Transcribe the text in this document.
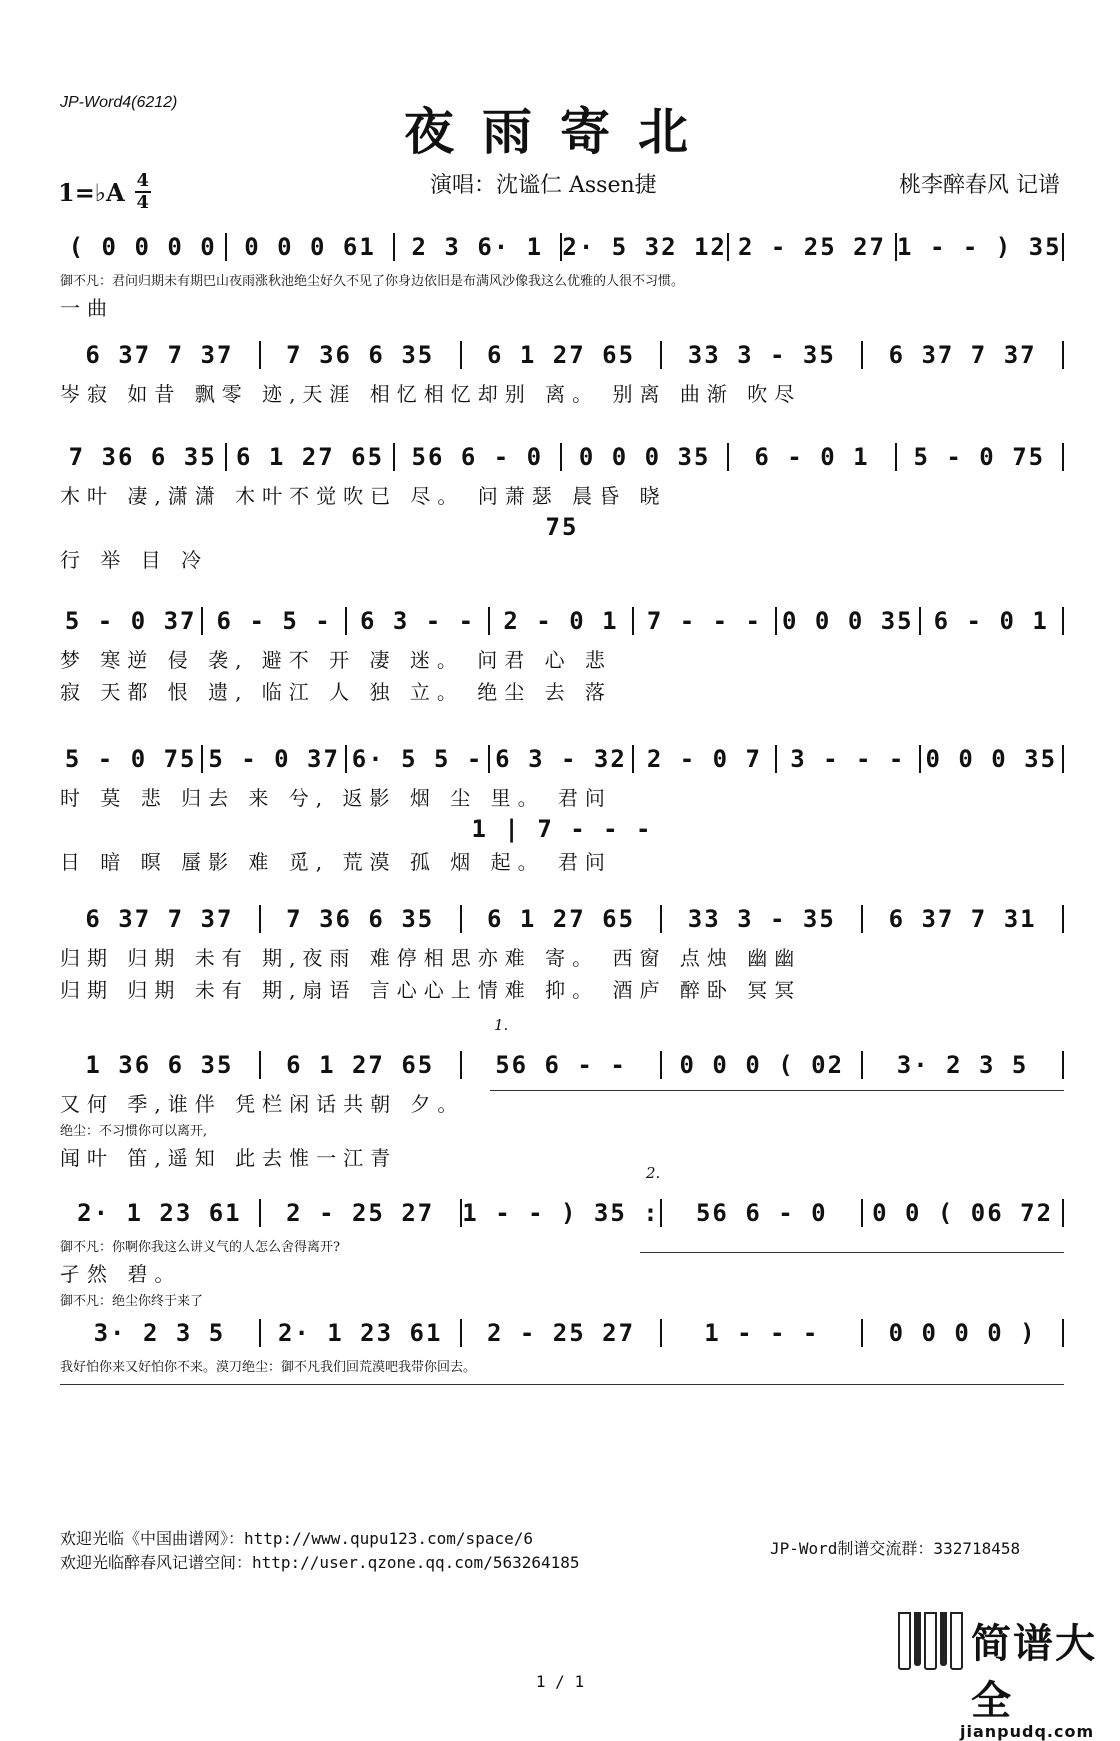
JP-Word4(6212)	夜雨寄北
1=♭A 4
4
演唱：沈谧仁 Assen捷	桃李醉春风 记谱
( 0 0 0 0	0 0 0 61	2 3 6· 1 2· 5 32 12 2 - 25 27 1 - - ) 35
御不凡：君问归期未有期巴山夜雨涨秋池绝尘好久不见了你身边依旧是布满风沙像我这么优雅的人很不习惯。
一曲
6 37 7 37	7 36 6 35	6 1 27 65	33 3 - 35	6 37 7 37
岑寂 如昔 飘零 迹,天涯 相忆相忆却别 离。 别离 曲渐 吹尽
7 36 6 35 6 1 27 65	56 6 - 0	0 0 0 35	6 - 0 1	5 - 0 75
木叶 凄,潇潇 木叶不觉吹已 尽。 问萧瑟 晨昏 晓
75
行 举 目 冷
5 - 0 37 6 - 5 -	6 3 - -	2 - 0 1	7 - - - 0 0 0 35 6 - 0 1
梦 寒逆 侵 袭, 避不 开 凄 迷。 问君 心 悲
寂 天都 恨 遗, 临江 人 独 立。 绝尘 去 落
5 - 0 75 5 - 0 37 6· 5 5 - 6 3 - 32 2 - 0 7	3 - - - 0 0 0 35
时 莫 悲 归去 来 兮, 返影 烟 尘 里。 君问
1 | 7 - - -
日 暗 暝 蜃影 难 觅, 荒漠 孤 烟 起。 君问
6 37 7 37	7 36 6 35	6 1 27 65	33 3 - 35	6 37 7 31
归期 归期 未有 期,夜雨 难停相思亦难 寄。 西窗 点烛 幽幽
归期 归期 未有 期,扇语 言心心上情难 抑。 酒庐 醉卧 冥冥
1 36 6 35	6 1 27 65	56 6 - -	0 0 0 ( 02	3· 2 3 5
1.
又何 季,谁伴 凭栏闲话共朝 夕。
绝尘：不习惯你可以离开,
闻叶 笛,遥知 此去惟一江青
2· 1 23 61	2 - 25 27	1 - - ) 35 :	56 6 - 0	0 0 ( 06 72
2.
御不凡：你啊你我这么讲义气的人怎么舍得离开?
孑然 碧。
御不凡：绝尘你终于来了
3· 2 3 5	2· 1 23 61	2 - 25 27	1 - - -	0 0 0 0 )
我好怕你来又好怕你不来。漠刀绝尘：御不凡我们回荒漠吧我带你回去。
欢迎光临《中国曲谱网》：http://www.qupu123.com/space/6
欢迎光临醉春风记谱空间：http://user.qzone.qq.com/563264185
JP-Word制谱交流群：332718458
1 / 1
简谱大全
jianpudq.com
